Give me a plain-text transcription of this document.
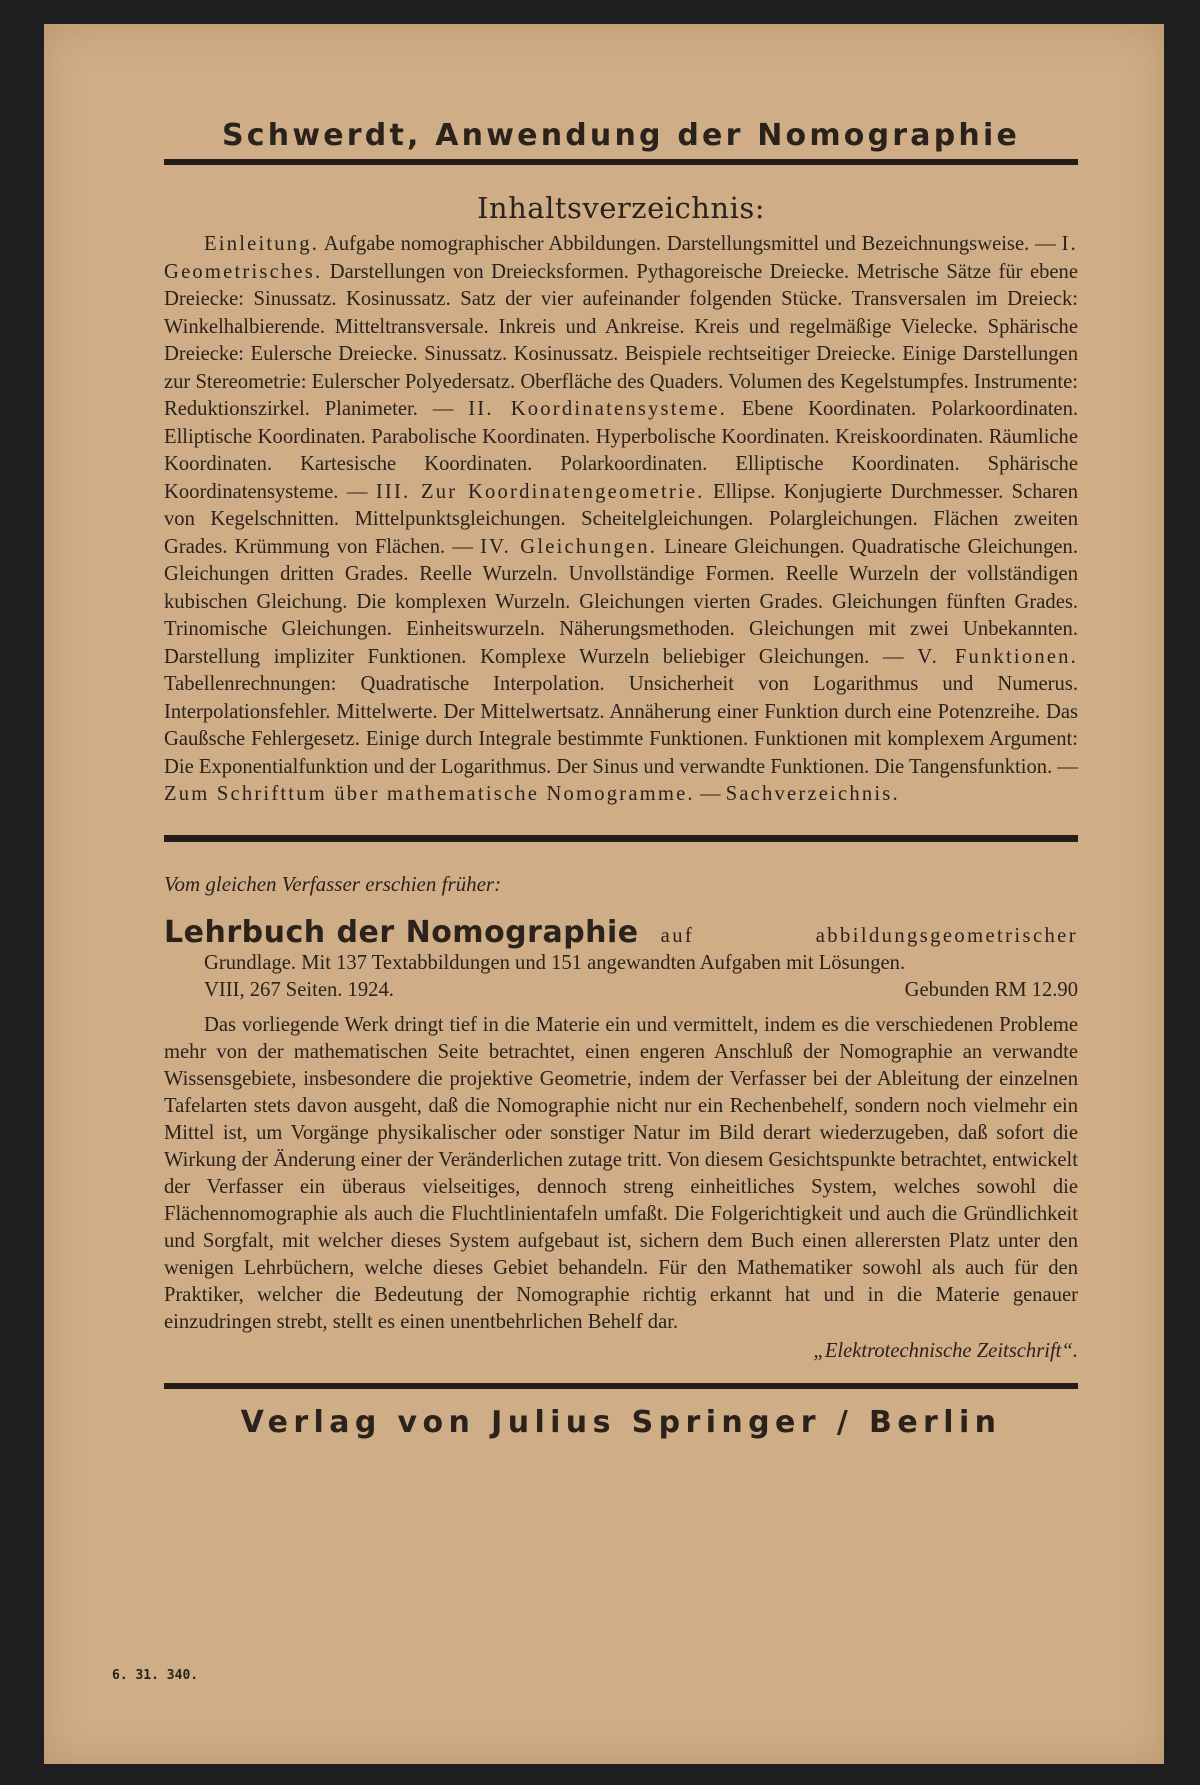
Schwerdt, Anwendung der Nomographie
Inhaltsverzeichnis:

Einleitung. Aufgabe nomographischer Abbildungen. Darstellungsmittel und Bezeichnungsweise. — I. Geometrisches. Darstellungen von Dreiecksformen. Pythagoreische Dreiecke. Metrische Sätze für ebene Dreiecke: Sinussatz. Kosinussatz. Satz der vier aufeinander folgenden Stücke. Transversalen im Dreieck: Winkelhalbierende. Mitteltransversale. Inkreis und Ankreise. Kreis und regelmäßige Vielecke. Sphärische Dreiecke: Eulersche Dreiecke. Sinussatz. Kosinussatz. Beispiele rechtseitiger Dreiecke. Einige Darstellungen zur Stereometrie: Eulerscher Polyedersatz. Oberfläche des Quaders. Volumen des Kegelstumpfes. Instrumente: Reduktionszirkel. Planimeter. — II. Koordinatensysteme. Ebene Koordinaten. Polarkoordinaten. Elliptische Koordinaten. Parabolische Koordinaten. Hyperbolische Koordinaten. Kreiskoordinaten. Räumliche Koordinaten. Kartesische Koordinaten. Polarkoordinaten. Elliptische Koordinaten. Sphärische Koordinatensysteme. — III. Zur Koordinatengeometrie. Ellipse. Konjugierte Durchmesser. Scharen von Kegelschnitten. Mittelpunktsgleichungen. Scheitelgleichungen. Polargleichungen. Flächen zweiten Grades. Krümmung von Flächen. — IV. Gleichungen. Lineare Gleichungen. Quadratische Gleichungen. Gleichungen dritten Grades. Reelle Wurzeln. Unvollständige Formen. Reelle Wurzeln der vollständigen kubischen Gleichung. Die komplexen Wurzeln. Gleichungen vierten Grades. Gleichungen fünften Grades. Trinomische Gleichungen. Einheitswurzeln. Näherungsmethoden. Gleichungen mit zwei Unbekannten. Darstellung impliziter Funktionen. Komplexe Wurzeln beliebiger Gleichungen. — V. Funktionen. Tabellenrechnungen: Quadratische Interpolation. Unsicherheit von Logarithmus und Numerus. Interpolationsfehler. Mittelwerte. Der Mittelwertsatz. Annäherung einer Funktion durch eine Potenzreihe. Das Gaußsche Fehlergesetz. Einige durch Integrale bestimmte Funktionen. Funktionen mit komplexem Argument: Die Exponentialfunktion und der Logarithmus. Der Sinus und verwandte Funktionen. Die Tangensfunktion. — Zum Schrifttum über mathematische Nomogramme. — Sachverzeichnis.

Vom gleichen Verfasser erschien früher:

Lehrbuch der Nomographie auf abbildungsgeometrischer
Grundlage. Mit 137 Textabbildungen und 151 angewandten Aufgaben mit Lösungen.
VIII, 267 Seiten. 1924.	Gebunden RM 12.90

Das vorliegende Werk dringt tief in die Materie ein und vermittelt, indem es die verschiedenen Probleme mehr von der mathematischen Seite betrachtet, einen engeren Anschluß der Nomographie an verwandte Wissensgebiete, insbesondere die projektive Geometrie, indem der Verfasser bei der Ableitung der einzelnen Tafelarten stets davon ausgeht, daß die Nomographie nicht nur ein Rechenbehelf, sondern noch vielmehr ein Mittel ist, um Vorgänge physikalischer oder sonstiger Natur im Bild derart wiederzugeben, daß sofort die Wirkung der Änderung einer der Veränderlichen zutage tritt. Von diesem Gesichtspunkte betrachtet, entwickelt der Verfasser ein überaus vielseitiges, dennoch streng einheitliches System, welches sowohl die Flächennomographie als auch die Fluchtlinientafeln umfaßt. Die Folgerichtigkeit und auch die Gründlichkeit und Sorgfalt, mit welcher dieses System aufgebaut ist, sichern dem Buch einen allerersten Platz unter den wenigen Lehrbüchern, welche dieses Gebiet behandeln. Für den Mathematiker sowohl als auch für den Praktiker, welcher die Bedeutung der Nomographie richtig erkannt hat und in die Materie genauer einzudringen strebt, stellt es einen unentbehrlichen Behelf dar.

„Elektrotechnische Zeitschrift“.
Verlag von Julius Springer / Berlin
6. 31. 340.
